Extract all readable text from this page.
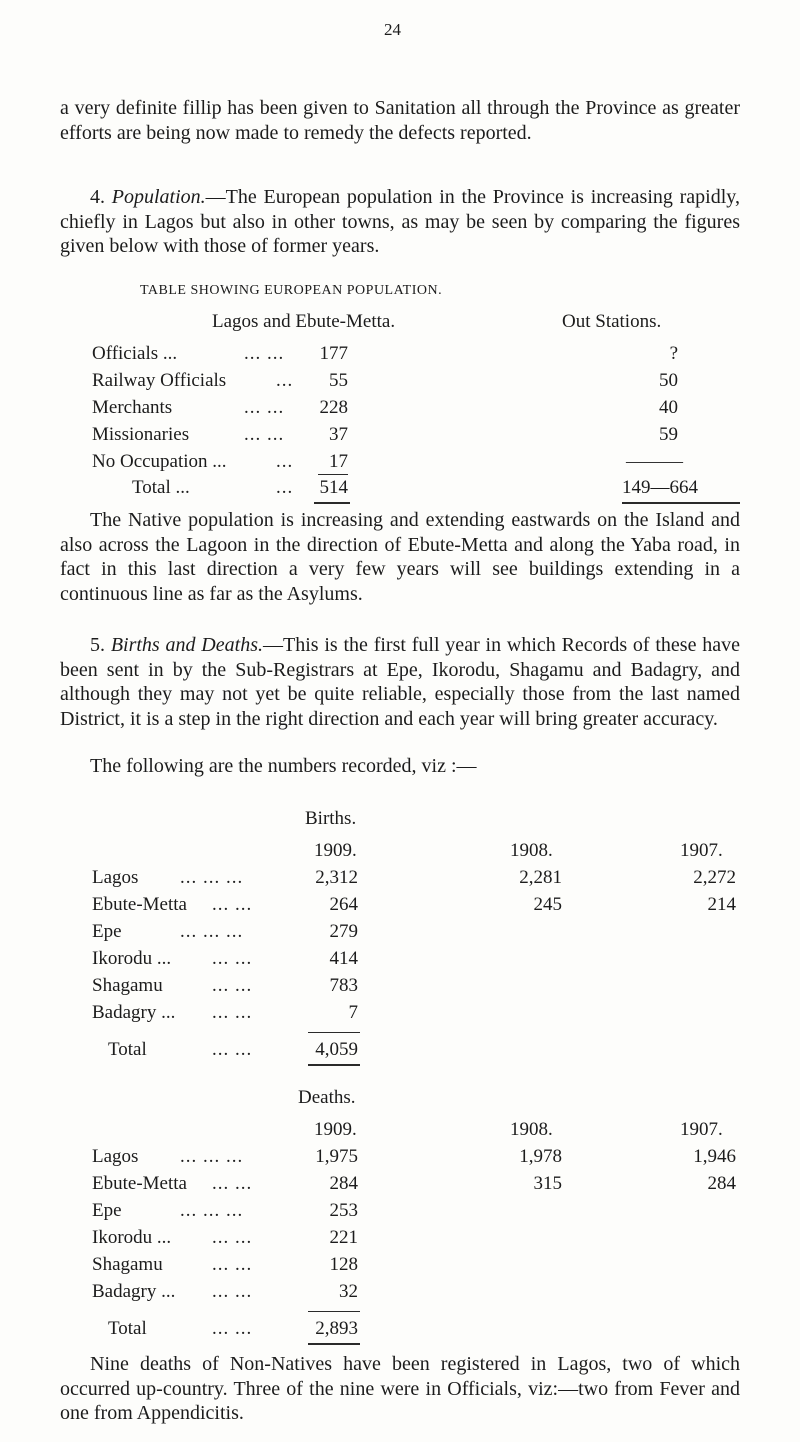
24
a very definite fillip has been given to Sanitation all through the Province as greater efforts are being now made to remedy the defects reported.
4. Population.—The European population in the Province is increasing rapidly, chiefly in Lagos but also in other towns, as may be seen by comparing the figures given below with those of former years.
TABLE SHOWING EUROPEAN POPULATION.
Lagos and Ebute-Metta.	Out Stations.
Officials ...	... ...	177	?
Railway Officials	...	55	50
Merchants	... ...	228	40
Missionaries	... ...	37	59
No Occupation ...	...	17	———
Total ...	...	514	149—664
The Native population is increasing and extending eastwards on the Island and also across the Lagoon in the direction of Ebute-Metta and along the Yaba road, in fact in this last direction a very few years will see buildings extending in a continuous line as far as the Asylums.
5. Births and Deaths.—This is the first full year in which Records of these have been sent in by the Sub-Registrars at Epe, Ikorodu, Shagamu and Badagry, and although they may not yet be quite reliable, especially those from the last named District, it is a step in the right direction and each year will bring greater accuracy.
The following are the numbers recorded, viz :—
Births.
1909.	1908.	1907.
Lagos ... ... ...	2,312	2,281	2,272
Ebute-Metta ... ...	264	245	214
Epe	... ... ...	279
Ikorodu ... ... ...	414
Shagamu	... ...	783
Badagry ... ... ...	7
Total	... ...	4,059
Deaths.
1909.	1908.	1907.
Lagos ... ... ...	1,975	1,978	1,946
Ebute-Metta ... ...	284	315	284
Epe	... ... ...	253
Ikorodu ... ... ...	221
Shagamu	... ...	128
Badagry ... ... ...	32
Total	... ...	2,893
Nine deaths of Non-Natives have been registered in Lagos, two of which occurred up-country. Three of the nine were in Officials, viz:—two from Fever and one from Appendicitis.
